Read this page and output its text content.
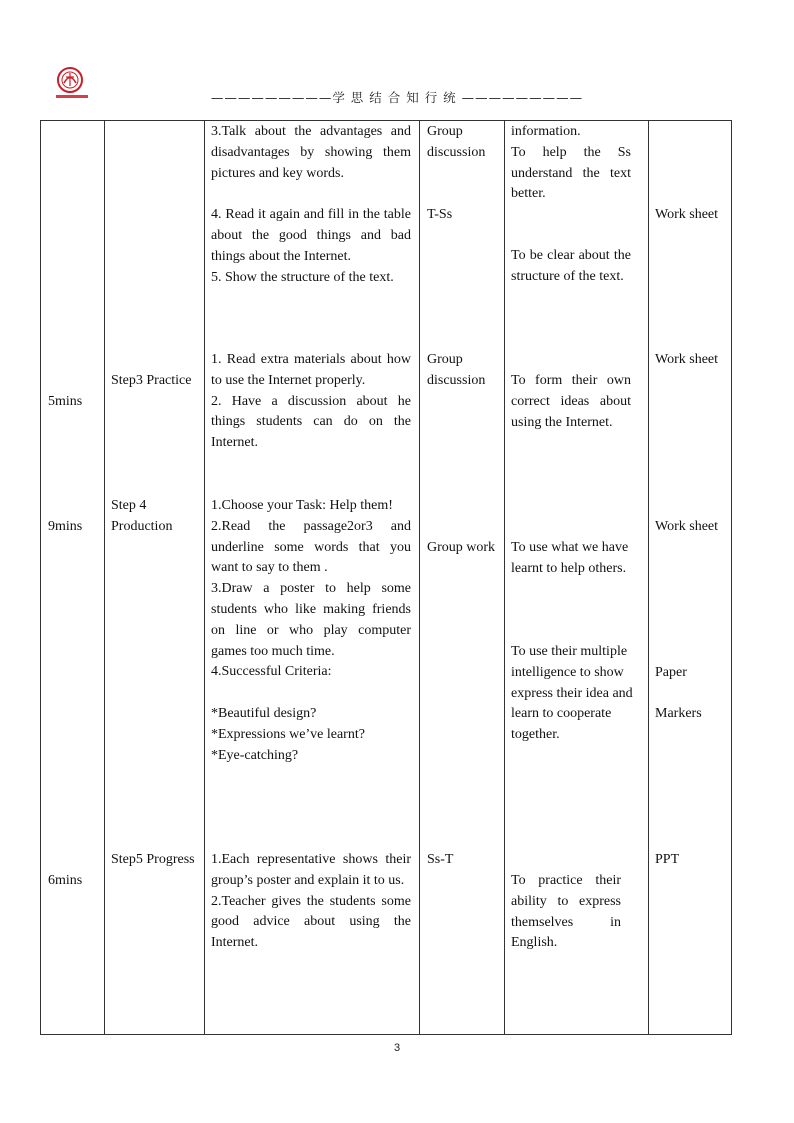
—————————学 思 结 合 知 行 统 —————————
3.Talk about the advantages and disadvantages by showing them pictures and key words.
4. Read it again and fill in the table about the good things and bad things about the Internet.
5. Show the structure of the text.
Group discussion
T-Ss
information.
To help the Ss understand the text better.
To be clear about the structure of the text.
Work sheet
5mins
Step3 Practice
1. Read extra materials about how to use the Internet properly.
2. Have a discussion about he things students can do on the Internet.
Group discussion	To form their own correct ideas about using the Internet.
Work sheet
9mins
Step 4 Production
1.Choose your Task: Help them!
2.Read the passage2or3 and underline some words that you want to say to them .
3.Draw a poster to help some students who like making friends on line or who play computer games too much time.
4.Successful Criteria:
*Beautiful design?
*Expressions we’ve learnt?
*Eye-catching?
Group work To use what we have learnt to help others.
To use their multiple intelligence to show express their idea and learn to cooperate together.
Work sheet
Paper
Markers
6mins
Step5 Progress	1.Each representative shows their group’s poster and explain it to us.
2.Teacher gives the students some good advice about using the Internet.
Ss-T
To practice their ability to express themselves in English.
PPT
3
